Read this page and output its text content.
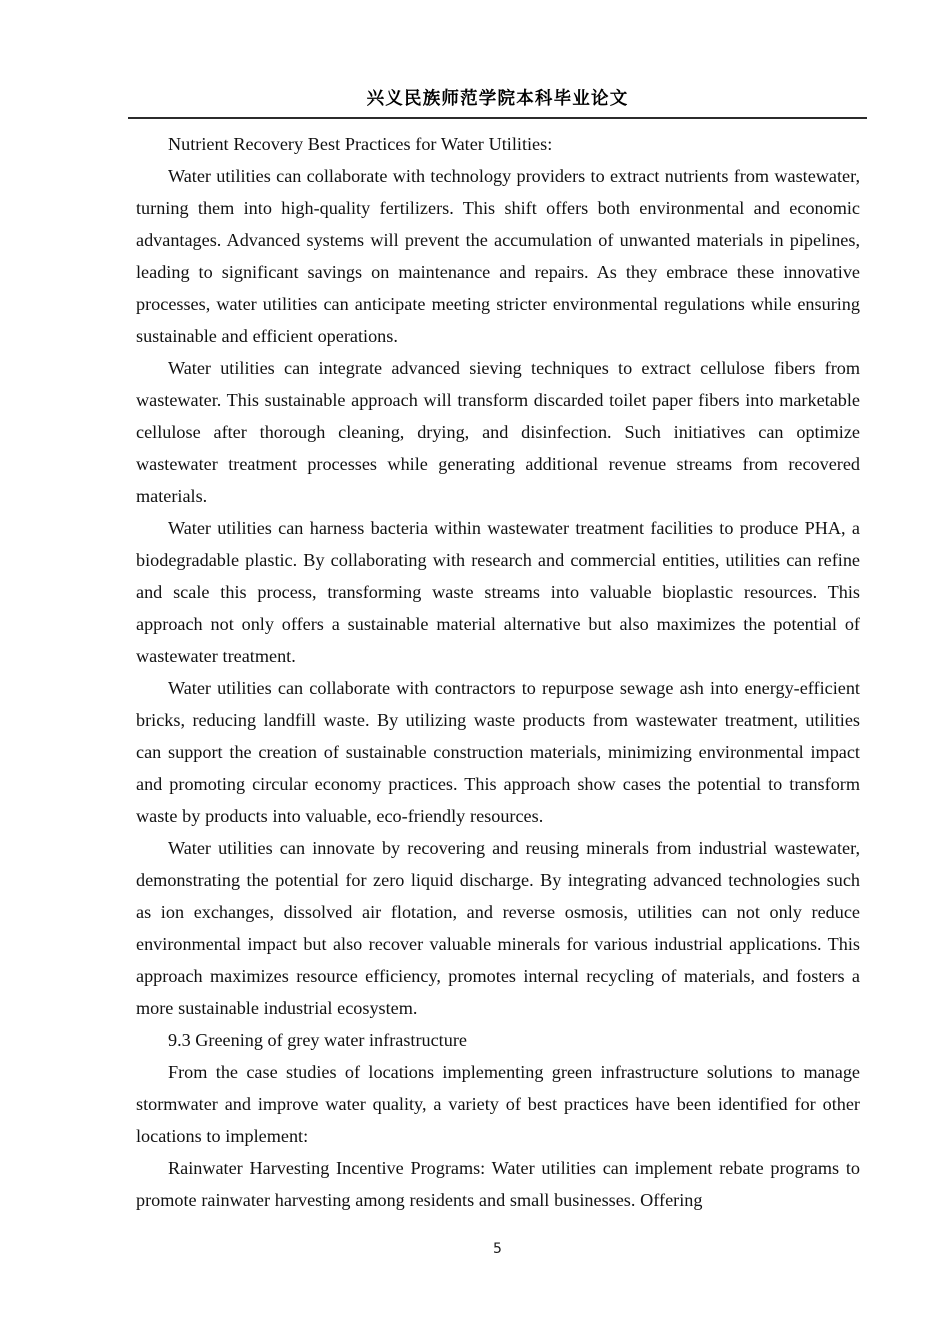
兴义民族师范学院本科毕业论文

Nutrient Recovery Best Practices for Water Utilities:

Water utilities can collaborate with technology providers to extract nutrients from wastewater, turning them into high-quality fertilizers. This shift offers both environmental and economic advantages. Advanced systems will prevent the accumulation of unwanted materials in pipelines, leading to significant savings on maintenance and repairs. As they embrace these innovative processes, water utilities can anticipate meeting stricter environmental regulations while ensuring sustainable and efficient operations.

Water utilities can integrate advanced sieving techniques to extract cellulose fibers from wastewater. This sustainable approach will transform discarded toilet paper fibers into marketable cellulose after thorough cleaning, drying, and disinfection. Such initiatives can optimize wastewater treatment processes while generating additional revenue streams from recovered materials.

Water utilities can harness bacteria within wastewater treatment facilities to produce PHA, a biodegradable plastic. By collaborating with research and commercial entities, utilities can refine and scale this process, transforming waste streams into valuable bioplastic resources. This approach not only offers a sustainable material alternative but also maximizes the potential of wastewater treatment.

Water utilities can collaborate with contractors to repurpose sewage ash into energy-efficient bricks, reducing landfill waste. By utilizing waste products from wastewater treatment, utilities can support the creation of sustainable construction materials, minimizing environmental impact and promoting circular economy practices. This approach show cases the potential to transform waste by products into valuable, eco-friendly resources.

Water utilities can innovate by recovering and reusing minerals from industrial wastewater, demonstrating the potential for zero liquid discharge. By integrating advanced technologies such as ion exchanges, dissolved air flotation, and reverse osmosis, utilities can not only reduce environmental impact but also recover valuable minerals for various industrial applications. This approach maximizes resource efficiency, promotes internal recycling of materials, and fosters a more sustainable industrial ecosystem.

9.3 Greening of grey water infrastructure

From the case studies of locations implementing green infrastructure solutions to manage stormwater and improve water quality, a variety of best practices have been identified for other locations to implement:

Rainwater Harvesting Incentive Programs: Water utilities can implement rebate programs to promote rainwater harvesting among residents and small businesses. Offering

5
